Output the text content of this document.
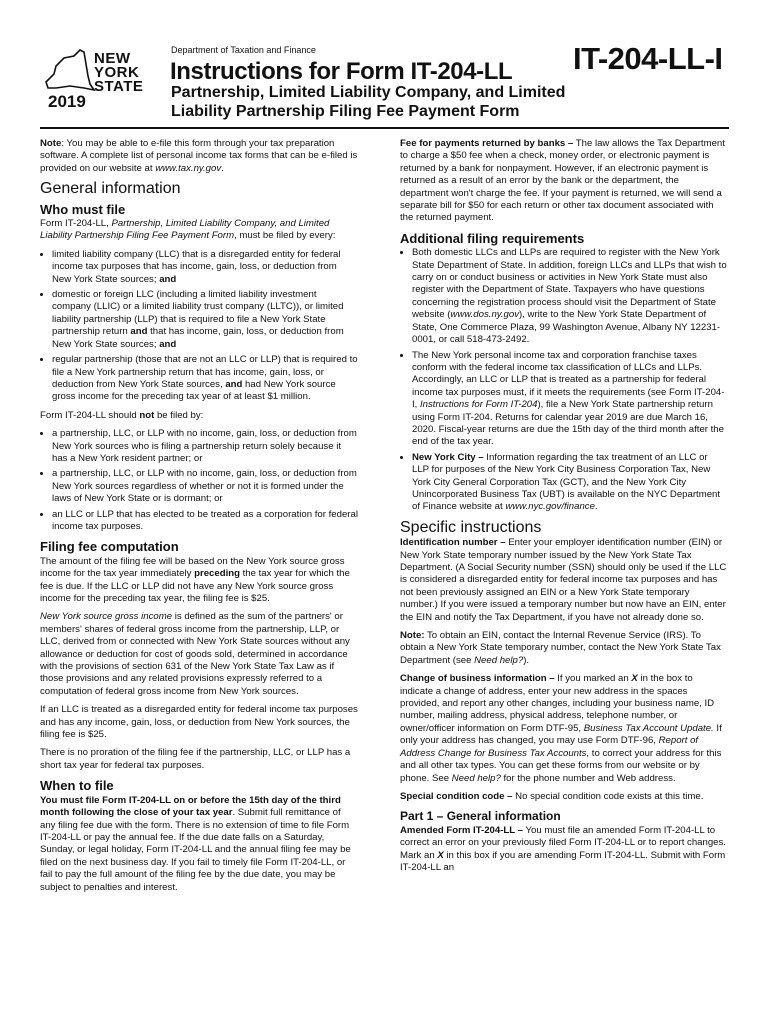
NEW
YORK
STATE
2019
Department of Taxation and Finance	IT-204-LL-I
Instructions for Form IT-204-LL
Partnership, Limited Liability Company, and Limited Liability Partnership Filing Fee Payment Form

Note: You may be able to e-file this form through your tax preparation software. A complete list of personal income tax forms that can be e-filed is provided on our website at www.tax.ny.gov.

General information
Who must file

Form IT-204-LL, Partnership, Limited Liability Company, and Limited Liability Partnership Filing Fee Payment Form, must be filed by every:

• limited liability company (LLC) that is a disregarded entity for federal income tax purposes that has income, gain, loss, or deduction from New York State sources; and
• domestic or foreign LLC (including a limited liability investment company (LLIC) or a limited liability trust company (LLTC)), or limited liability partnership (LLP) that is required to file a New York State partnership return and that has income, gain, loss, or deduction from New York State sources; and
• regular partnership (those that are not an LLC or LLP) that is required to file a New York partnership return that has income, gain, loss, or deduction from New York State sources, and had New York source gross income for the preceding tax year of at least $1 million.

Form IT-204-LL should not be filed by:

• a partnership, LLC, or LLP with no income, gain, loss, or deduction from New York sources who is filing a partnership return solely because it has a New York resident partner; or
• a partnership, LLC, or LLP with no income, gain, loss, or deduction from New York sources regardless of whether or not it is formed under the laws of New York State or is dormant; or
• an LLC or LLP that has elected to be treated as a corporation for federal income tax purposes.
Filing fee computation

The amount of the filing fee will be based on the New York source gross income for the tax year immediately preceding the tax year for which the fee is due. If the LLC or LLP did not have any New York source gross income for the preceding tax year, the filing fee is $25.

New York source gross income is defined as the sum of the partners' or members' shares of federal gross income from the partnership, LLP, or LLC, derived from or connected with New York State sources without any allowance or deduction for cost of goods sold, determined in accordance with the provisions of section 631 of the New York State Tax Law as if those provisions and any related provisions expressly referred to a computation of federal gross income from New York sources.

If an LLC is treated as a disregarded entity for federal income tax purposes and has any income, gain, loss, or deduction from New York sources, the filing fee is $25.

There is no proration of the filing fee if the partnership, LLC, or LLP has a short tax year for federal tax purposes.

When to file

You must file Form IT-204-LL on or before the 15th day of the third month following the close of your tax year. Submit full remittance of any filing fee due with the form. There is no extension of time to file Form IT-204-LL or pay the annual fee. If the due date falls on a Saturday, Sunday, or legal holiday, Form IT-204-LL and the annual filing fee may be filed on the next business day. If you fail to timely file Form IT-204-LL, or fail to pay the full amount of the filing fee by the due date, you may be subject to penalties and interest.

Fee for payments returned by banks – The law allows the Tax Department to charge a $50 fee when a check, money order, or electronic payment is returned by a bank for nonpayment. However, if an electronic payment is returned as a result of an error by the bank or the department, the department won't charge the fee. If your payment is returned, we will send a separate bill for $50 for each return or other tax document associated with the returned payment.

Additional filing requirements
• Both domestic LLCs and LLPs are required to register with the New York State Department of State. In addition, foreign LLCs and LLPs that wish to carry on or conduct business or activities in New York State must also register with the Department of State. Taxpayers who have questions concerning the registration process should visit the Department of State website (www.dos.ny.gov), write to the New York State Department of State, One Commerce Plaza, 99 Washington Avenue, Albany NY 12231-0001, or call 518-473-2492.
• The New York personal income tax and corporation franchise taxes conform with the federal income tax classification of LLCs and LLPs. Accordingly, an LLC or LLP that is treated as a partnership for federal income tax purposes must, if it meets the requirements (see Form IT-204-I, Instructions for Form IT-204), file a New York State partnership return using Form IT-204. Returns for calendar year 2019 are due March 16, 2020. Fiscal-year returns are due the 15th day of the third month after the end of the tax year.
• New York City – Information regarding the tax treatment of an LLC or LLP for purposes of the New York City Business Corporation Tax, New York City General Corporation Tax (GCT), and the New York City Unincorporated Business Tax (UBT) is available on the NYC Department of Finance website at www.nyc.gov/finance.
Specific instructions

Identification number – Enter your employer identification number (EIN) or New York State temporary number issued by the New York State Tax Department. (A Social Security number (SSN) should only be used if the LLC is considered a disregarded entity for federal income tax purposes and has not been previously assigned an EIN or a New York State temporary number.) If you were issued a temporary number but now have an EIN, enter the EIN and notify the Tax Department, if you have not already done so.

Note: To obtain an EIN, contact the Internal Revenue Service (IRS). To obtain a New York State temporary number, contact the New York State Tax Department (see Need help?).

Change of business information – If you marked an X in the box to indicate a change of address, enter your new address in the spaces provided, and report any other changes, including your business name, ID number, mailing address, physical address, telephone number, or owner/officer information on Form DTF-95, Business Tax Account Update. If only your address has changed, you may use Form DTF-96, Report of Address Change for Business Tax Accounts, to correct your address for this and all other tax types. You can get these forms from our website or by phone. See Need help? for the phone number and Web address.

Special condition code – No special condition code exists at this time.

Part 1 – General information

Amended Form IT-204-LL – You must file an amended Form IT-204-LL to correct an error on your previously filed Form IT-204-LL or to report changes. Mark an X in this box if you are amending Form IT-204-LL. Submit with Form IT-204-LL an
